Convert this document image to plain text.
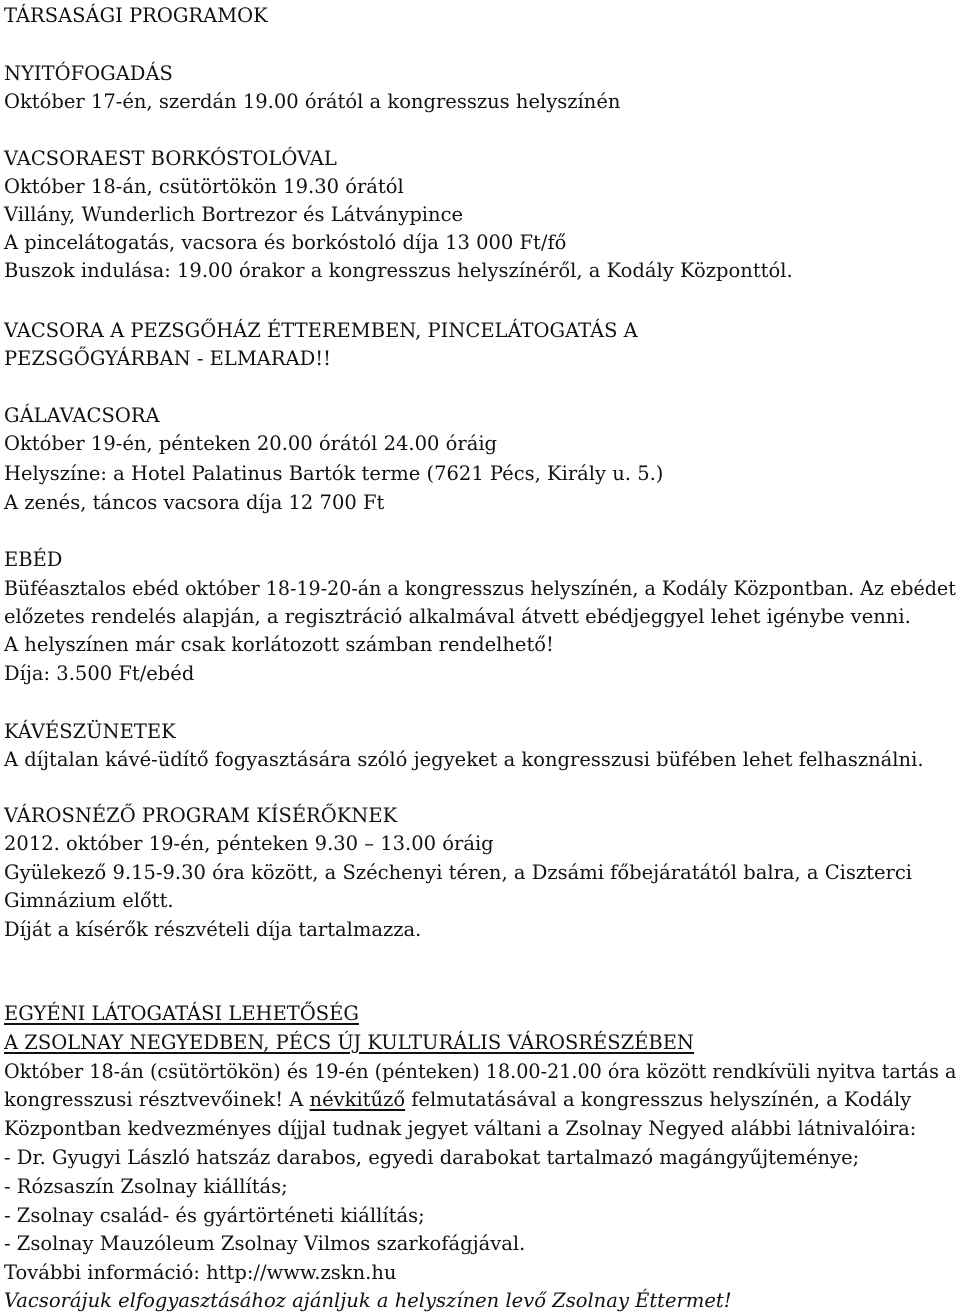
TÁRSASÁGI PROGRAMOK
NYITÓFOGADÁS
Október 17-én, szerdán 19.00 órától a kongresszus helyszínén
VACSORAEST BORKÓSTOLÓVAL
Október 18-án, csütörtökön 19.30 órától
Villány, Wunderlich Bortrezor és Látványpince
A pincelátogatás, vacsora és borkóstoló díja 13 000 Ft/fő
Buszok indulása: 19.00 órakor a kongresszus helyszínéről, a Kodály Központtól.
VACSORA A PEZSGŐHÁZ ÉTTEREMBEN, PINCELÁTOGATÁS A
PEZSGŐGYÁRBAN - ELMARAD!!
GÁLAVACSORA
Október 19-én, pénteken 20.00 órától 24.00 óráig
Helyszíne: a Hotel Palatinus Bartók terme (7621 Pécs, Király u. 5.)
A zenés, táncos vacsora díja 12 700 Ft
EBÉD
Büféasztalos ebéd október 18-19-20-án a kongresszus helyszínén, a Kodály Központban. Az ebédet
előzetes rendelés alapján, a regisztráció alkalmával átvett ebédjeggyel lehet igénybe venni.
A helyszínen már csak korlátozott számban rendelhető!
Díja: 3.500 Ft/ebéd
KÁVÉSZÜNETEK
A díjtalan kávé-üdítő fogyasztására szóló jegyeket a kongresszusi büfében lehet felhasználni.
VÁROSNÉZŐ PROGRAM KÍSÉRŐKNEK
2012. október 19-én, pénteken 9.30 – 13.00 óráig
Gyülekező 9.15-9.30 óra között, a Széchenyi téren, a Dzsámi főbejáratától balra, a Ciszterci
Gimnázium előtt.
Díját a kísérők részvételi díja tartalmazza.
EGYÉNI LÁTOGATÁSI LEHETŐSÉG
A ZSOLNAY NEGYEDBEN, PÉCS ÚJ KULTURÁLIS VÁROSRÉSZÉBEN
Október 18-án (csütörtökön) és 19-én (pénteken) 18.00-21.00 óra között rendkívüli nyitva tartás a
kongresszusi résztvevőinek! A névkitűző felmutatásával a kongresszus helyszínén, a Kodály
Központban kedvezményes díjjal tudnak jegyet váltani a Zsolnay Negyed alábbi látnivalóira:
- Dr. Gyugyi László hatszáz darabos, egyedi darabokat tartalmazó magángyűjteménye;
- Rózsaszín Zsolnay kiállítás;
- Zsolnay család- és gyártörténeti kiállítás;
- Zsolnay Mauzóleum Zsolnay Vilmos szarkofágjával.
További információ: http://www.zskn.hu
Vacsorájuk elfogyasztásához ajánljuk a helyszínen levő Zsolnay Éttermet!
